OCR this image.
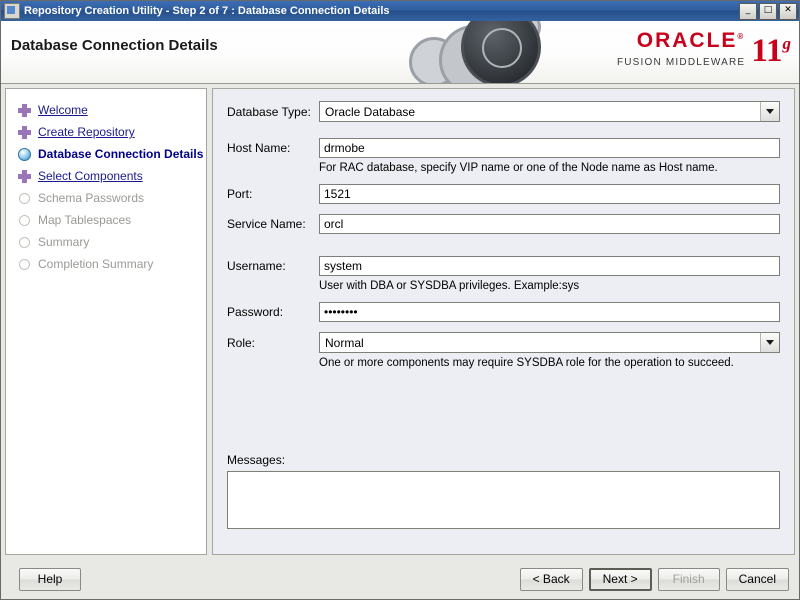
Repository Creation Utility - Step 2 of 7 : Database Connection Details	_	□	✕
Database Connection Details	ORACLE®
FUSION MIDDLEWARE 11$^g$
Welcome
Create Repository
Database Connection Details
Select Components
Schema Passwords
Map Tablespaces
Summary
Completion Summary
Database Type:	Oracle Database
Host Name:
drmobe
For RAC database, specify VIP name or one of the Node name as Host name.
Port:
1521
Service Name:
orcl
Username:
system
User with DBA or SYSDBA privileges. Example:sys
Password:
••••••••
Role:	Normal
One or more components may require SYSDBA role for the operation to succeed.
Messages:
Help	< Back	Next >	Finish	Cancel
